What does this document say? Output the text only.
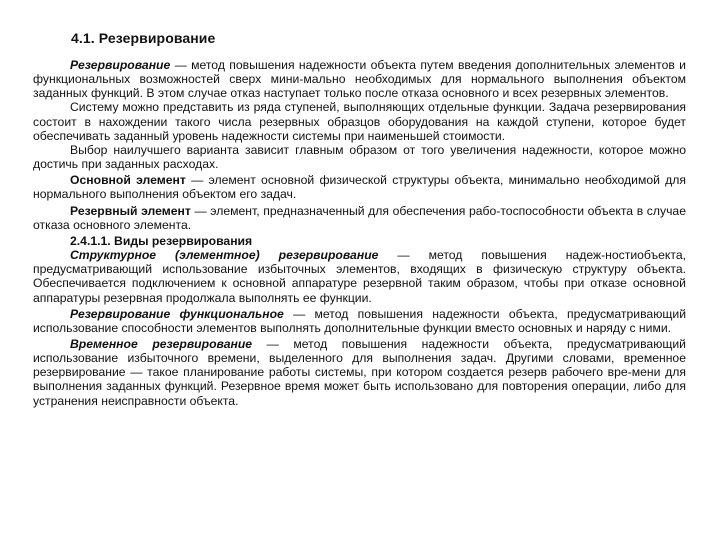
4.1. Резервирование

Резервирование — метод повышения надежности объекта путем введения дополнительных элементов и функциональных возможностей сверх мини-мально необходимых для нормального выполнения объектом заданных функций. В этом случае отказ наступает только после отказа основного и всех резервных элементов.

Систему можно представить из ряда ступеней, выполняющих отдельные функции. Задача резервирования состоит в нахождении такого числа резервных образцов оборудования на каждой ступени, которое будет обеспечивать заданный уровень надежности системы при наименьшей стоимости.

Выбор наилучшего варианта зависит главным образом от того увеличения надежности, которое можно достичь при заданных расходах.

Основной элемент — элемент основной физической структуры объекта, минимально необходимой для нормального выполнения объектом его задач.

Резервный элемент — элемент, предназначенный для обеспечения рабо-тоспособности объекта в случае отказа основного элемента.

2.4.1.1. Виды резервирования

Структурное (элементное) резервирование — метод повышения надеж-ностиобъекта, предусматривающий использование избыточных элементов, входящих в физическую структуру объекта. Обеспечивается подключением к основной аппаратуре резервной таким образом, чтобы при отказе основной аппаратуры резервная продолжала выполнять ее функции.

Резервирование функциональное — метод повышения надежности объекта, предусматривающий использование способности элементов выполнять дополнительные функции вместо основных и наряду с ними.

Временное резервирование — метод повышения надежности объекта, предусматривающий использование избыточного времени, выделенного для выполнения задач. Другими словами, временное резервирование — такое планирование работы системы, при котором создается резерв рабочего вре-мени для выполнения заданных функций. Резервное время может быть использовано для повторения операции, либо для устранения неисправности объекта.
